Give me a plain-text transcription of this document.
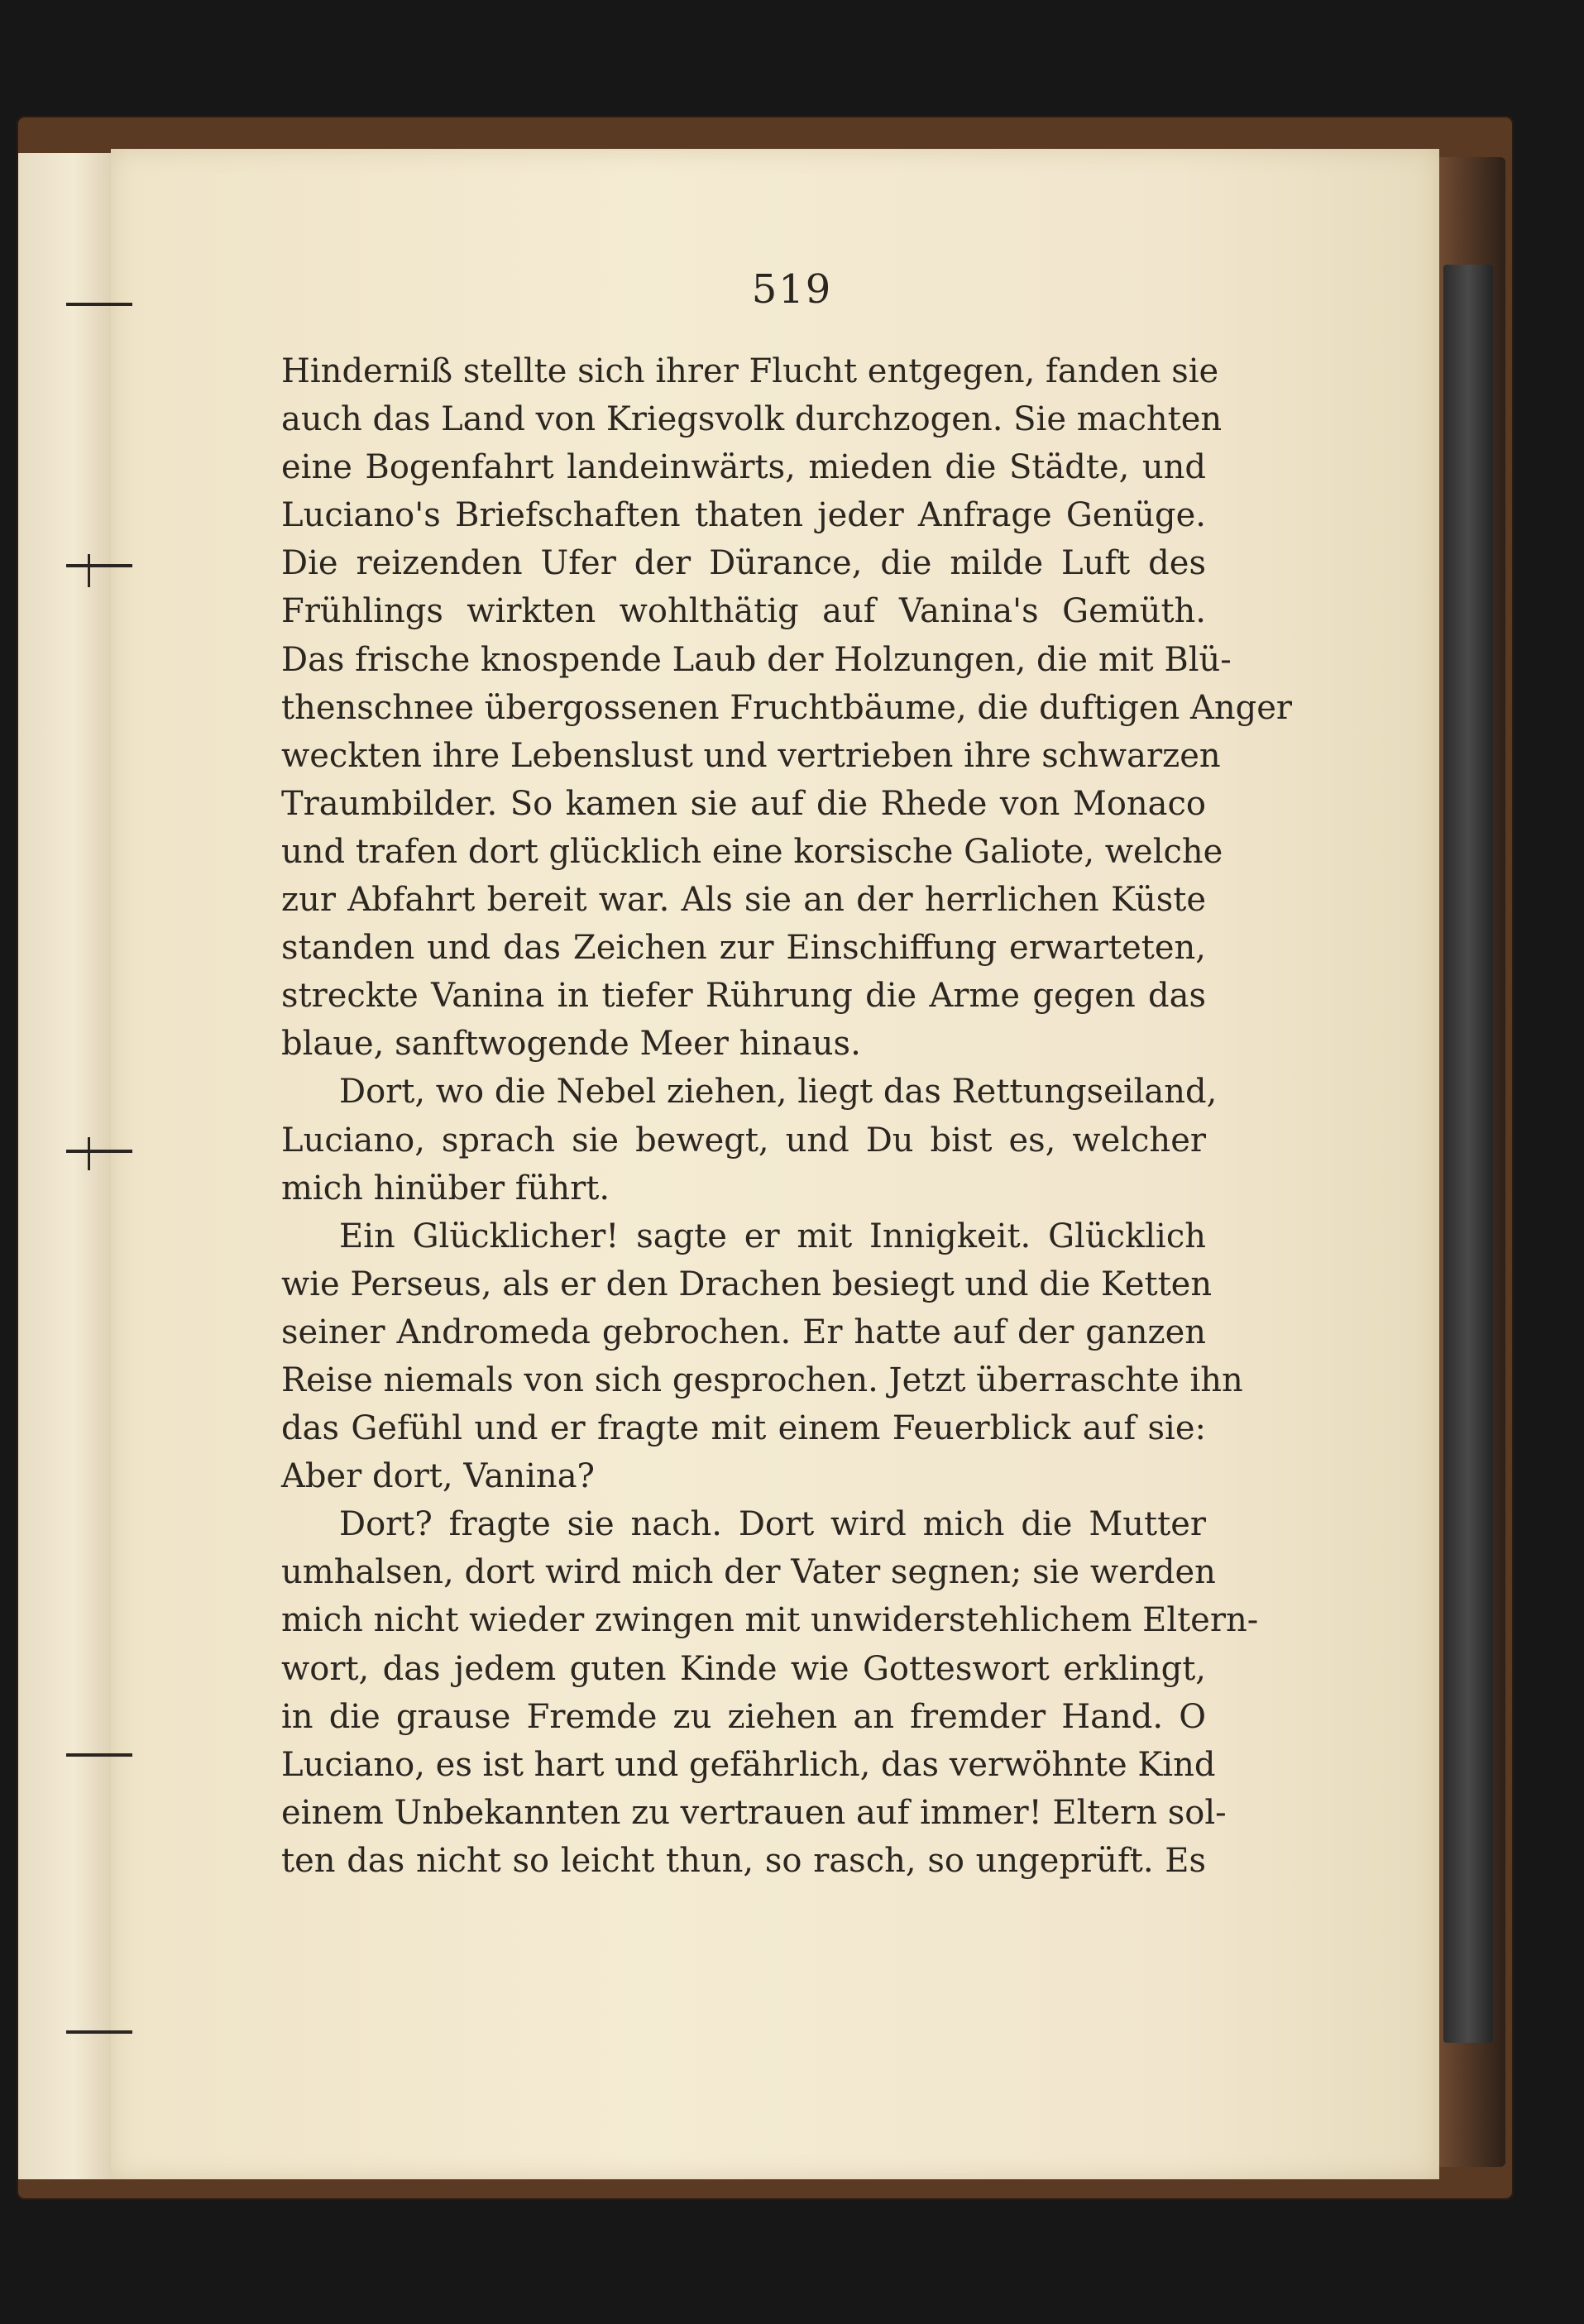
519
Hinderniß stellte sich ihrer Flucht entgegen, fanden sie
auch das Land von Kriegsvolk durchzogen. Sie machten
eine Bogenfahrt landeinwärts, mieden die Städte, und
Luciano's Briefschaften thaten jeder Anfrage Genüge.
Die reizenden Ufer der Dürance, die milde Luft des
Frühlings wirkten wohlthätig auf Vanina's Gemüth.
Das frische knospende Laub der Holzungen, die mit Blü-
thenschnee übergossenen Fruchtbäume, die duftigen Anger
weckten ihre Lebenslust und vertrieben ihre schwarzen
Traumbilder. So kamen sie auf die Rhede von Monaco
und trafen dort glücklich eine korsische Galiote, welche
zur Abfahrt bereit war. Als sie an der herrlichen Küste
standen und das Zeichen zur Einschiffung erwarteten,
streckte Vanina in tiefer Rührung die Arme gegen das
blaue, sanftwogende Meer hinaus.
Dort, wo die Nebel ziehen, liegt das Rettungseiland,
Luciano, sprach sie bewegt, und Du bist es, welcher
mich hinüber führt.
Ein Glücklicher! sagte er mit Innigkeit. Glücklich
wie Perseus, als er den Drachen besiegt und die Ketten
seiner Andromeda gebrochen. Er hatte auf der ganzen
Reise niemals von sich gesprochen. Jetzt überraschte ihn
das Gefühl und er fragte mit einem Feuerblick auf sie:
Aber dort, Vanina?
Dort? fragte sie nach. Dort wird mich die Mutter
umhalsen, dort wird mich der Vater segnen; sie werden
mich nicht wieder zwingen mit unwiderstehlichem Eltern-
wort, das jedem guten Kinde wie Gotteswort erklingt,
in die grause Fremde zu ziehen an fremder Hand. O
Luciano, es ist hart und gefährlich, das verwöhnte Kind
einem Unbekannten zu vertrauen auf immer! Eltern sol-
ten das nicht so leicht thun, so rasch, so ungeprüft. Es
